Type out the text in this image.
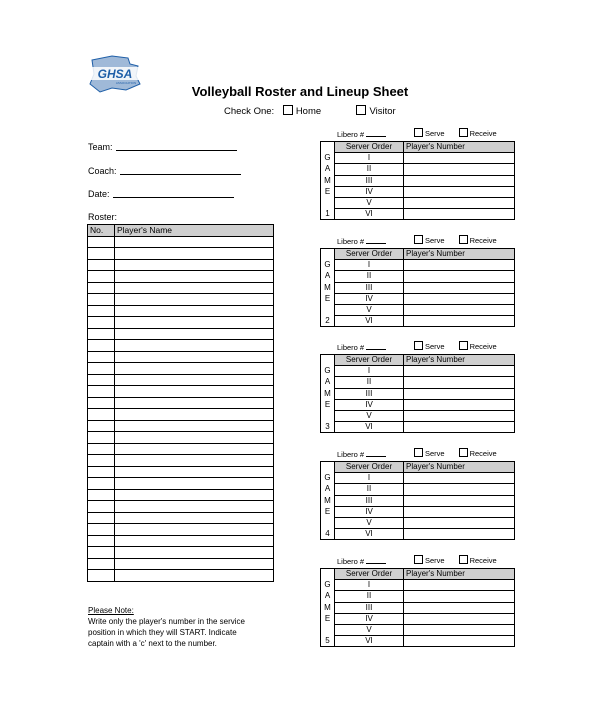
GHSA
ASSOCIATION
Volleyball Roster and Lineup Sheet
Check One: Home	Visitor
Team:
Coach:
Date:
Roster:
No.	Player's Name

Please Note:
Write only the player's number in the service
position in which they will START. Indicate
captain with a 'c' next to the number.
Libero #	Serve	Receive
	Server Order	Player's Number
G	I	
A	II	
M	III	
E	IV	
	V	
1	VI	
Libero #	Serve	Receive
	Server Order	Player's Number
G	I	
A	II	
M	III	
E	IV	
	V	
2	VI	
Libero #	Serve	Receive
	Server Order	Player's Number
G	I	
A	II	
M	III	
E	IV	
	V	
3	VI	
Libero #	Serve	Receive
	Server Order	Player's Number
G	I	
A	II	
M	III	
E	IV	
	V	
4	VI	
Libero #	Serve	Receive
	Server Order	Player's Number
G	I	
A	II	
M	III	
E	IV	
	V	
5	VI	
